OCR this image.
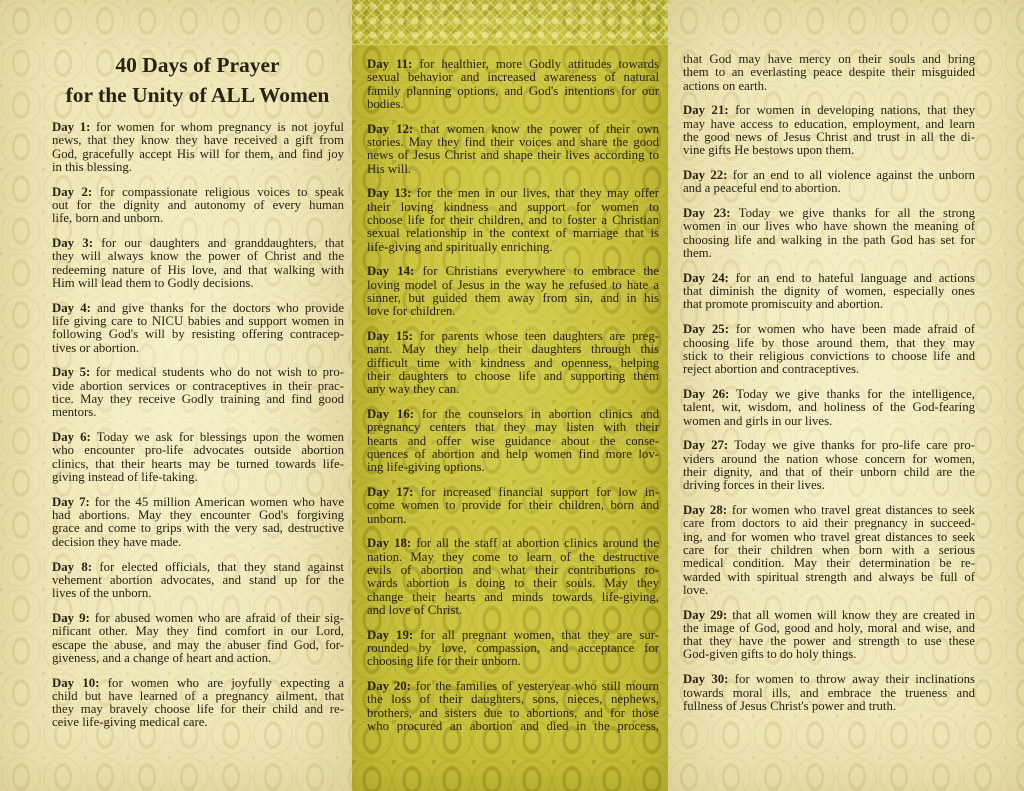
40 Days of Prayer
for the Unity of ALL Women
Day 1: for women for whom pregnancy is not joyful
news, that they know they have received a gift from
God, gracefully accept His will for them, and find joy
in this blessing.
Day 2: for compassionate religious voices to speak
out for the dignity and autonomy of every human
life, born and unborn.
Day 3: for our daughters and granddaughters, that
they will always know the power of Christ and the
redeeming nature of His love, and that walking with
Him will lead them to Godly decisions.
Day 4: and give thanks for the doctors who provide
life giving care to NICU babies and support women in
following God's will by resisting offering contracep-
tives or abortion.
Day 5: for medical students who do not wish to pro-
vide abortion services or contraceptives in their prac-
tice. May they receive Godly training and find good
mentors.
Day 6: Today we ask for blessings upon the women
who encounter pro-life advocates outside abortion
clinics, that their hearts may be turned towards life-
giving instead of life-taking.
Day 7: for the 45 million American women who have
had abortions. May they encounter God's forgiving
grace and come to grips with the very sad, destructive
decision they have made.
Day 8: for elected officials, that they stand against
vehement abortion advocates, and stand up for the
lives of the unborn.
Day 9: for abused women who are afraid of their sig-
nificant other. May they find comfort in our Lord,
escape the abuse, and may the abuser find God, for-
giveness, and a change of heart and action.
Day 10: for women who are joyfully expecting a
child but have learned of a pregnancy ailment, that
they may bravely choose life for their child and re-
ceive life-giving medical care.
Day 11: for healthier, more Godly attitudes towards
sexual behavior and increased awareness of natural
family planning options, and God's intentions for our
bodies.
Day 12: that women know the power of their own
stories. May they find their voices and share the good
news of Jesus Christ and shape their lives according to
His will.
Day 13: for the men in our lives, that they may offer
their loving kindness and support for women to
choose life for their children, and to foster a Christian
sexual relationship in the context of marriage that is
life-giving and spiritually enriching.
Day 14: for Christians everywhere to embrace the
loving model of Jesus in the way he refused to hate a
sinner, but guided them away from sin, and in his
love for children.
Day 15: for parents whose teen daughters are preg-
nant. May they help their daughters through this
difficult time with kindness and openness, helping
their daughters to choose life and supporting them
any way they can.
Day 16: for the counselors in abortion clinics and
pregnancy centers that they may listen with their
hearts and offer wise guidance about the conse-
quences of abortion and help women find more lov-
ing life-giving options.
Day 17: for increased financial support for low in-
come women to provide for their children, born and
unborn.
Day 18: for all the staff at abortion clinics around the
nation. May they come to learn of the destructive
evils of abortion and what their contributions to-
wards abortion is doing to their souls. May they
change their hearts and minds towards life-giving,
and love of Christ.
Day 19: for all pregnant women, that they are sur-
rounded by love, compassion, and acceptance for
choosing life for their unborn.
Day 20: for the families of yesteryear who still mourn
the loss of their daughters, sons, nieces, nephews,
brothers, and sisters due to abortions, and for those
who procured an abortion and died in the process,
that God may have mercy on their souls and bring
them to an everlasting peace despite their misguided
actions on earth.
Day 21: for women in developing nations, that they
may have access to education, employment, and learn
the good news of Jesus Christ and trust in all the di-
vine gifts He bestows upon them.
Day 22: for an end to all violence against the unborn
and a peaceful end to abortion.
Day 23: Today we give thanks for all the strong
women in our lives who have shown the meaning of
choosing life and walking in the path God has set for
them.
Day 24: for an end to hateful language and actions
that diminish the dignity of women, especially ones
that promote promiscuity and abortion.
Day 25: for women who have been made afraid of
choosing life by those around them, that they may
stick to their religious convictions to choose life and
reject abortion and contraceptives.
Day 26: Today we give thanks for the intelligence,
talent, wit, wisdom, and holiness of the God-fearing
women and girls in our lives.
Day 27: Today we give thanks for pro-life care pro-
viders around the nation whose concern for women,
their dignity, and that of their unborn child are the
driving forces in their lives.
Day 28: for women who travel great distances to seek
care from doctors to aid their pregnancy in succeed-
ing, and for women who travel great distances to seek
care for their children when born with a serious
medical condition. May their determination be re-
warded with spiritual strength and always be full of
love.
Day 29: that all women will know they are created in
the image of God, good and holy, moral and wise, and
that they have the power and strength to use these
God-given gifts to do holy things.
Day 30: for women to throw away their inclinations
towards moral ills, and embrace the trueness and
fullness of Jesus Christ's power and truth.
